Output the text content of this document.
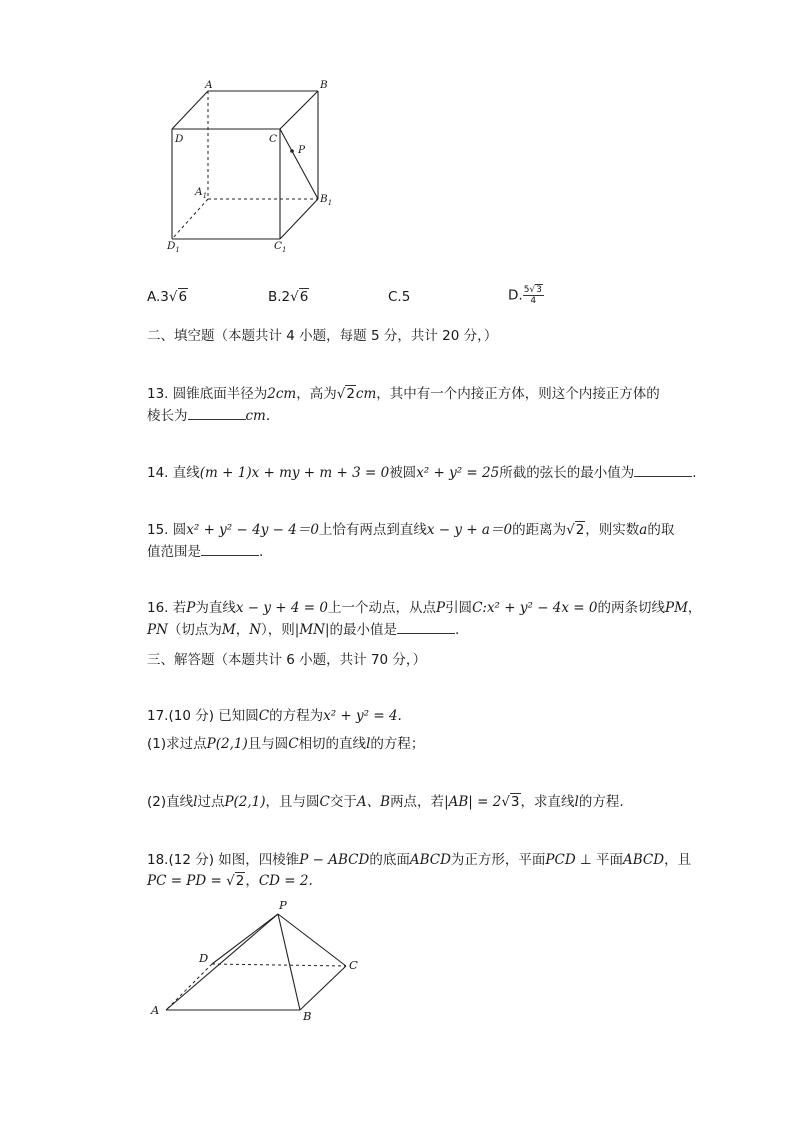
A	B
D	C
P
$A_1$	$B_1$
$D_1$	$C_1$
A.3√6	B.2√6	C.5	D. $\frac{5√3}{4}$
二、填空题（本题共计 4 小题，每题 5 分，共计 20 分，）
13. 圆锥底面半径为2cm，高为√2cm，其中有一个内接正方体，则这个内接正方体的
棱长为	cm.
14. 直线(m + 1)x + my + m + 3 = 0被圆x² + y² = 25所截的弦长的最小值为	.
15. 圆x² + y² − 4y − 4＝0上恰有两点到直线x − y + a＝0的距离为√2，则实数a的取
值范围是	.
16. 若P为直线x − y + 4 = 0上一个动点，从点P引圆C:x² + y² − 4x = 0的两条切线PM，
PN（切点为M，N），则|MN|的最小值是	.
三、解答题（本题共计 6 小题，共计 70 分，）
17.(10 分) 已知圆C的方程为x² + y² = 4.
(1)求过点P(2,1)且与圆C相切的直线l的方程；
(2)直线l过点P(2,1)，且与圆C交于A、B两点，若|AB| = 2√3，求直线l的方程.
18.(12 分) 如图，四棱锥P − ABCD的底面ABCD为正方形，平面PCD ⊥ 平面ABCD，且
PC = PD = √2，CD = 2.
P
D	C
A	B
